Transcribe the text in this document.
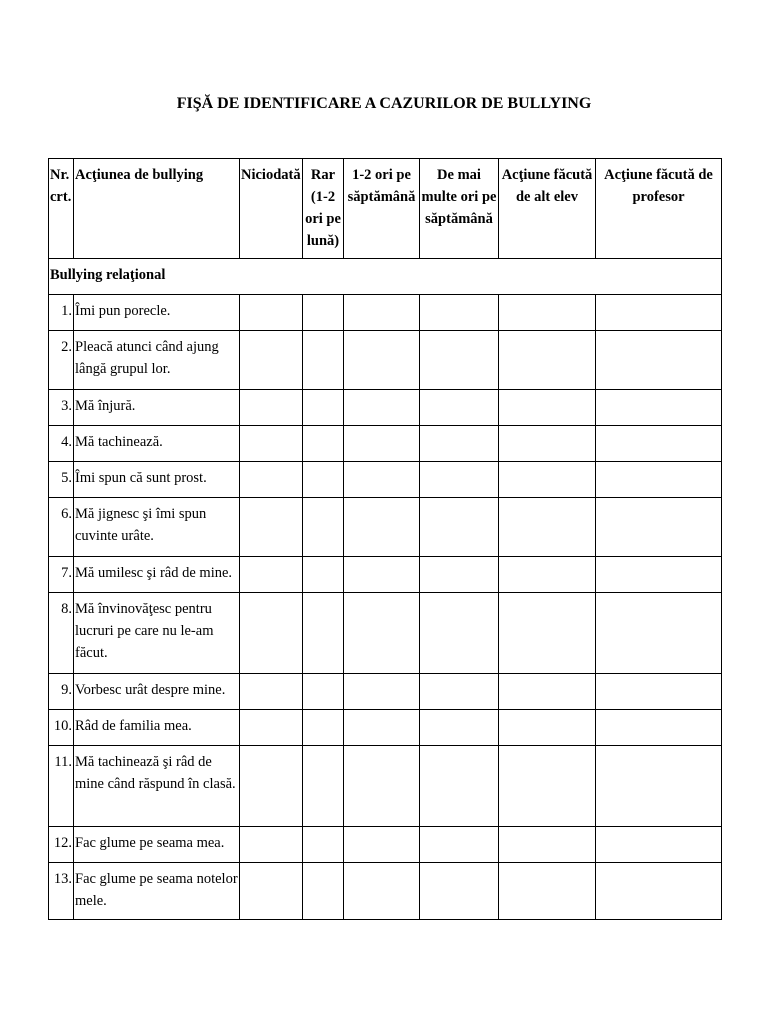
FIŞĂ DE IDENTIFICARE A CAZURILOR DE BULLYING
Nr. crt.	Acţiunea de bullying	Niciodată	Rar (1-2 ori pe lună)	1-2 ori pe săptămână	De mai multe ori pe săptămână	Acţiune făcută de alt elev	Acţiune făcută de profesor
Bullying relaţional							
1.	Îmi pun porecle.						
2.	Pleacă atunci când ajung lângă grupul lor.						
3.	Mă înjură.						
4.	Mă tachinează.						
5.	Îmi spun că sunt prost.						
6.	Mă jignesc şi îmi spun cuvinte urâte.						
7.	Mă umilesc şi râd de mine.						
8.	Mă învinovăţesc pentru lucruri pe care nu le-am făcut.						
9.	Vorbesc urât despre mine.						
10.	Râd de familia mea.						
11.	Mă tachinează şi râd de mine când răspund în clasă.						
12.	Fac glume pe seama mea.						
13.	Fac glume pe seama notelor mele.						
